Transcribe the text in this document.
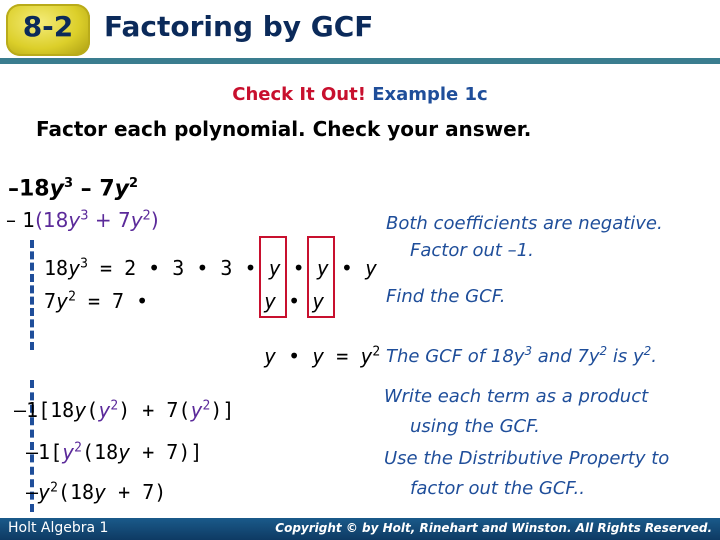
8-2	Factoring by GCF
Check It Out! Example 1c
Factor each polynomial. Check your answer.
$-18y^3 - 7y^2$
– $1(18y^3 + 7y^2)$	Both coefficients are negative.
Factor out –1.
$18y^3 = 2$ • 3 • 3 • y • y • y
$7y^2 = 7$ •	y • y	Find the GCF.
y • $y = y^2$ The GCF of $18y^3$ and $7y^2$ is $y^2$.
$-1[18y(y^2) + 7(y^2)]$
$-1[y^2(18y + 7)]$
$-y^2(18y + 7)$
Write each term as a product
using the GCF.
Use the Distributive Property to
factor out the GCF..
Holt Algebra 1	Copyright © by Holt, Rinehart and Winston. All Rights Reserved.
